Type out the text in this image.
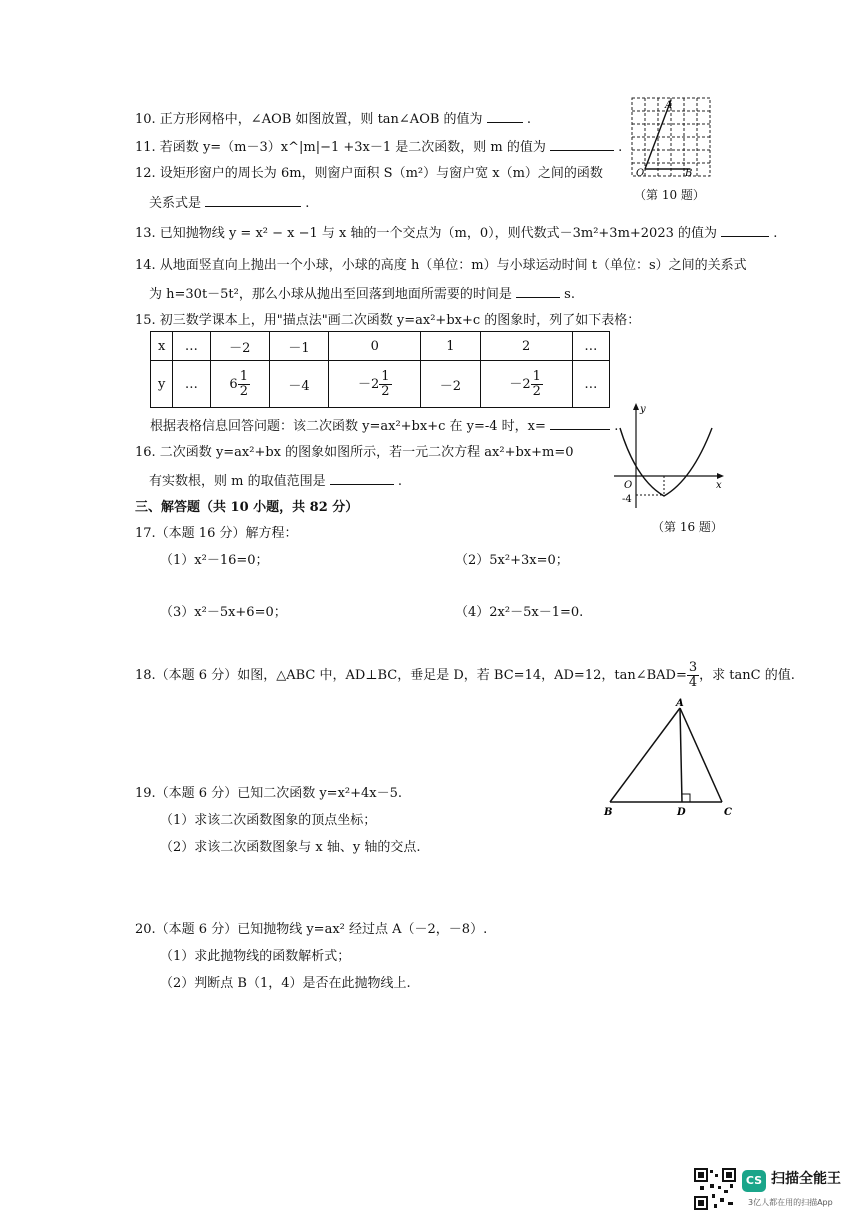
10. 正方形网格中，∠AOB 如图放置，则 tan∠AOB 的值为	.
11. 若函数 y=（m－3）x^|m|−1 +3x－1 是二次函数，则 m 的值为	.
12. 设矩形窗户的周长为 6m，则窗户面积 S（m²）与窗户宽 x（m）之间的函数
关系式是	.
A
O	B
（第 10 题）
13. 已知抛物线 y = x² − x −1 与 x 轴的一个交点为（m，0），则代数式－3m²+3m+2023 的值为	.
14. 从地面竖直向上抛出一个小球，小球的高度 h（单位：m）与小球运动时间 t（单位：s）之间的关系式
为 h=30t－5t²，那么小球从抛出至回落到地面所需要的时间是	s.
15. 初三数学课本上，用"描点法"画二次函数 y=ax²+bx+c 的图象时，列了如下表格：
x	…	－2	－1	0	1	2	…
y	…	$6 \frac{1}{2}$	－4	$-2 \frac{1}{2}$	－2	$-2 \frac{1}{2}$	…
根据表格信息回答问题：该二次函数 y=ax²+bx+c 在 y=-4 时，x=	.
16. 二次函数 y=ax²+bx 的图象如图所示，若一元二次方程 ax²+bx+m=0
有实数根，则 m 的取值范围是	.
y
x
O
-4
（第 16 题）
三、解答题（共 10 小题，共 82 分）
17.（本题 16 分）解方程：
（1）x²－16=0；	（2）5x²+3x=0；
（3）x²－5x+6=0；	（4）2x²－5x－1=0.
18.（本题 6 分）如图，△ABC 中，AD⊥BC，垂足是 D，若 BC=14，AD=12，tan∠BAD= $\frac{3}{4}$ ，求 tanC 的值.
A
B	D	C
19.（本题 6 分）已知二次函数 y=x²+4x－5.
（1）求该二次函数图象的顶点坐标；
（2）求该二次函数图象与 x 轴、y 轴的交点.
20.（本题 6 分）已知抛物线 y=ax² 经过点 A（－2，－8）.
（1）求此抛物线的函数解析式；
（2）判断点 B（1，4）是否在此抛物线上.
CS 扫描全能王
3亿人都在用的扫描App
